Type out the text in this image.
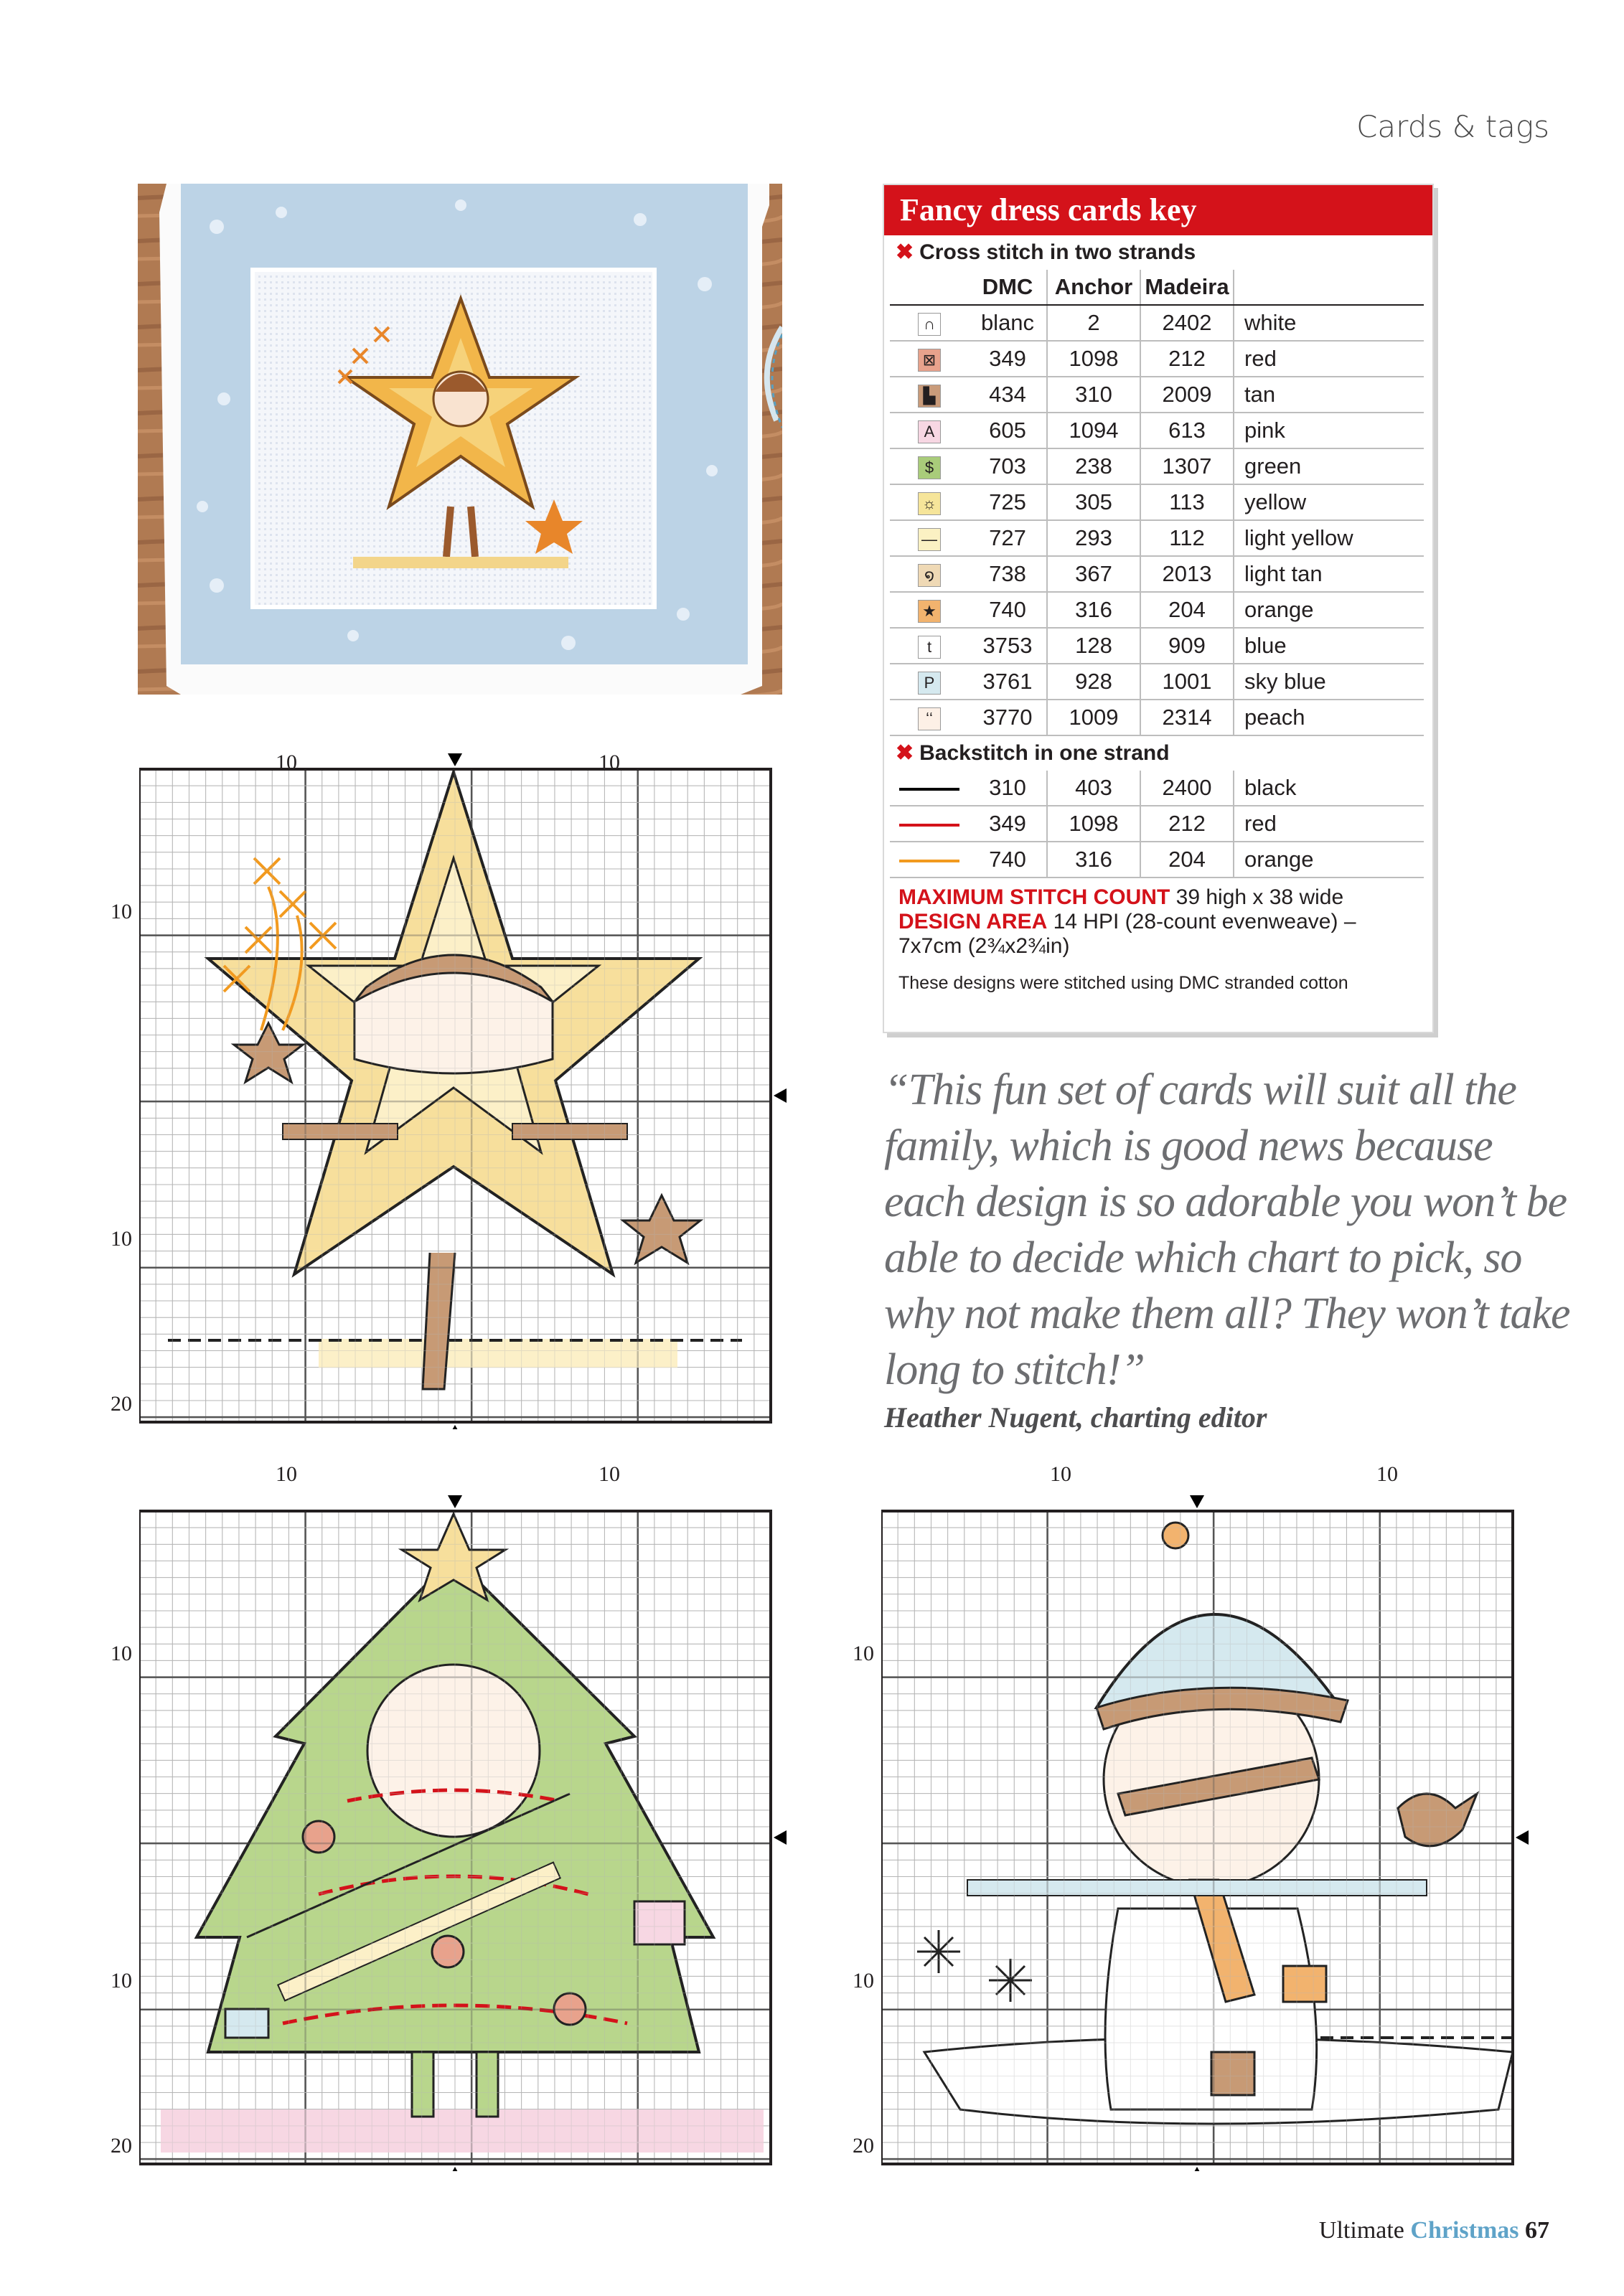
Cards & tags
Fancy dress cards key
✖ Cross stitch in two strands
	DMC	Anchor	Madeira	
∩	blanc	2	2402	white
⊠	349	1098	212	red
▙	434	310	2009	tan
A	605	1094	613	pink
$	703	238	1307	green
☼	725	305	113	yellow
—	727	293	112	light yellow
໑	738	367	2013	light tan
★	740	316	204	orange
t	3753	128	909	blue
P	3761	928	1001	sky blue
ʻʻ	3770	1009	2314	peach
✖ Backstitch in one strand
	310	403	2400	black
	349	1098	212	red
	740	316	204	orange
MAXIMUM STITCH COUNT 39 high x 38 wide
DESIGN AREA 14 HPI (28-count evenweave) – 7x7cm (2¾x2¾in)
These designs were stitched using DMC stranded cotton
“This fun set of cards will suit all the family, which is good news because each design is so adorable you won’t be able to decide which chart to pick, so why not make them all? They won’t take long to stitch!”
Heather Nugent, charting editor
10	10
10
10
20
10	10
10
10
20
10	10
10
10
20
Ultimate Christmas 67
